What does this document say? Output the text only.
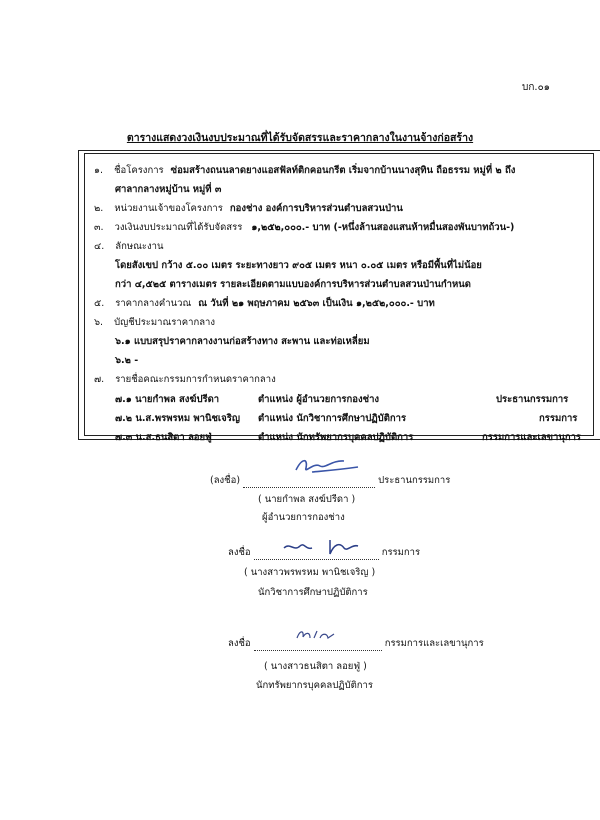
บก.๐๑
ตารางแสดงวงเงินงบประมาณที่ได้รับจัดสรรและราคากลางในงานจ้างก่อสร้าง
๑. ชื่อโครงการ ซ่อมสร้างถนนลาดยางแอสฟัลท์ติกคอนกรีต เริ่มจากบ้านนางสุทิน ถือธรรม หมู่ที่ ๒ ถึง
ศาลากลางหมู่บ้าน หมู่ที่ ๓
๒. หน่วยงานเจ้าของโครงการ กองช่าง องค์การบริหารส่วนตำบลสวนป่าน
๓. วงเงินงบประมาณที่ได้รับจัดสรร ๑,๒๕๒,๐๐๐.- บาท (-หนึ่งล้านสองแสนห้าหมื่นสองพันบาทถ้วน-)
๔. ลักษณะงาน
โดยสังเขป กว้าง ๕.๐๐ เมตร ระยะทางยาว ๙๐๕ เมตร หนา ๐.๐๕ เมตร หรือมีพื้นที่ไม่น้อย
กว่า ๔,๕๒๕ ตารางเมตร รายละเอียดตามแบบองค์การบริหารส่วนตำบลสวนป่านกำหนด
๕. ราคากลางคำนวณ ณ วันที่ ๒๑ พฤษภาคม ๒๕๖๓ เป็นเงิน ๑,๒๕๒,๐๐๐.- บาท
๖. บัญชีประมาณราคากลาง
๖.๑ แบบสรุปราคากลางงานก่อสร้างทาง สะพาน และท่อเหลี่ยม
๖.๒ -
๗. รายชื่อคณะกรรมการกำหนดราคากลาง
๗.๑ นายกำพล สงฆ์ปรีดา	ตำแหน่ง ผู้อำนวยการกองช่าง	ประธานกรรมการ
๗.๒ น.ส.พรพรหม พานิชเจริญ ตำแหน่ง นักวิชาการศึกษาปฏิบัติการ	กรรมการ
๗.๓ น.ส.ธนสิตา ลอยฟู่	ตำแหน่ง นักทรัพยากรบุคคลปฏิบัติการ	กรรมการและเลขานุการ
(ลงชื่อ)	ประธานกรรมการ
( นายกำพล สงฆ์ปรีดา )
ผู้อำนวยการกองช่าง
ลงชื่อ	กรรมการ
( นางสาวพรพรหม พานิชเจริญ )
นักวิชาการศึกษาปฏิบัติการ
ลงชื่อ	กรรมการและเลขานุการ
( นางสาวธนสิตา ลอยฟู่ )
นักทรัพยากรบุคคลปฏิบัติการ
